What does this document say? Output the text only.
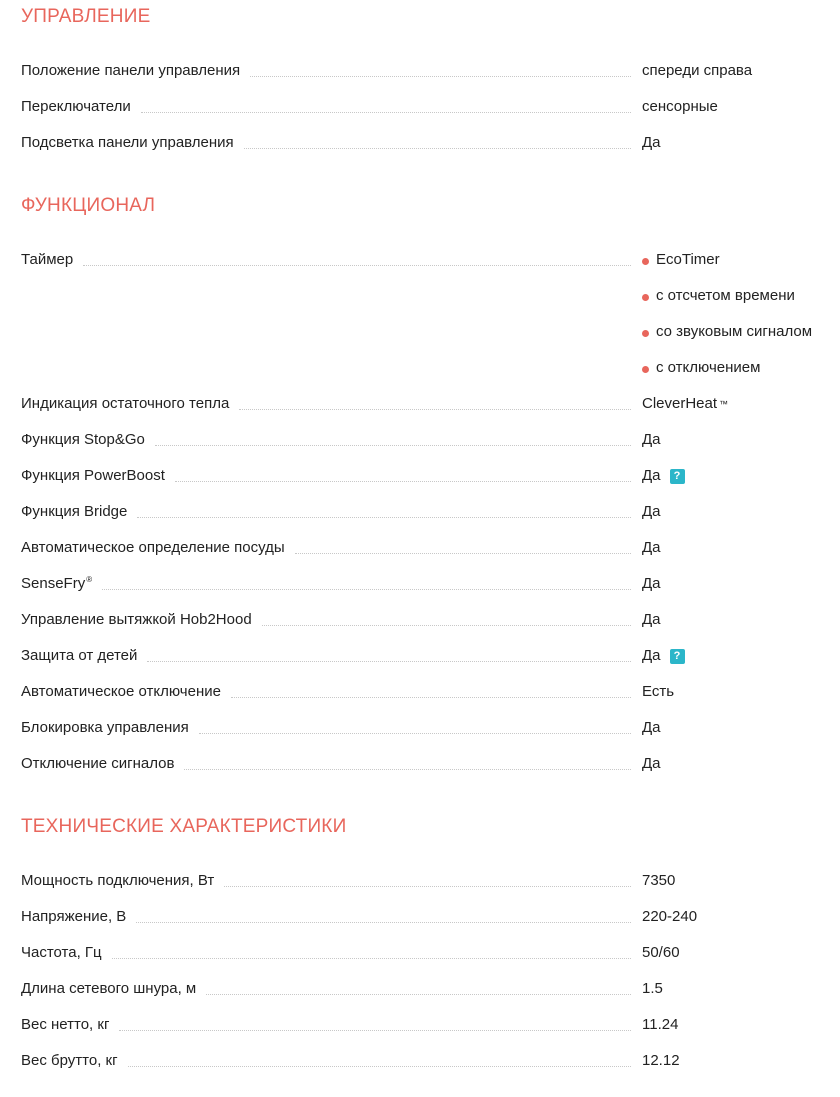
УПРАВЛЕНИЕ
Положение панели управления	спереди справа
Переключатели	сенсорные
Подсветка панели управления	Да
ФУНКЦИОНАЛ
Таймер	EcoTimer
с отсчетом времени
со звуковым сигналом
с отключением
Индикация остаточного тепла	CleverHeat ™
Функция Stop&Go	Да
Функция PowerBoost	Да	?
Функция Bridge	Да
Автоматическое определение посуды	Да
SenseFry®	Да
Управление вытяжкой Hob2Hood	Да
Защита от детей	Да	?
Автоматическое отключение	Есть
Блокировка управления	Да
Отключение сигналов	Да
ТЕХНИЧЕСКИЕ ХАРАКТЕРИСТИКИ
Мощность подключения, Вт	7350
Напряжение, В	220-240
Частота, Гц	50/60
Длина сетевого шнура, м	1.5
Вес нетто, кг	11.24
Вес брутто, кг	12.12
